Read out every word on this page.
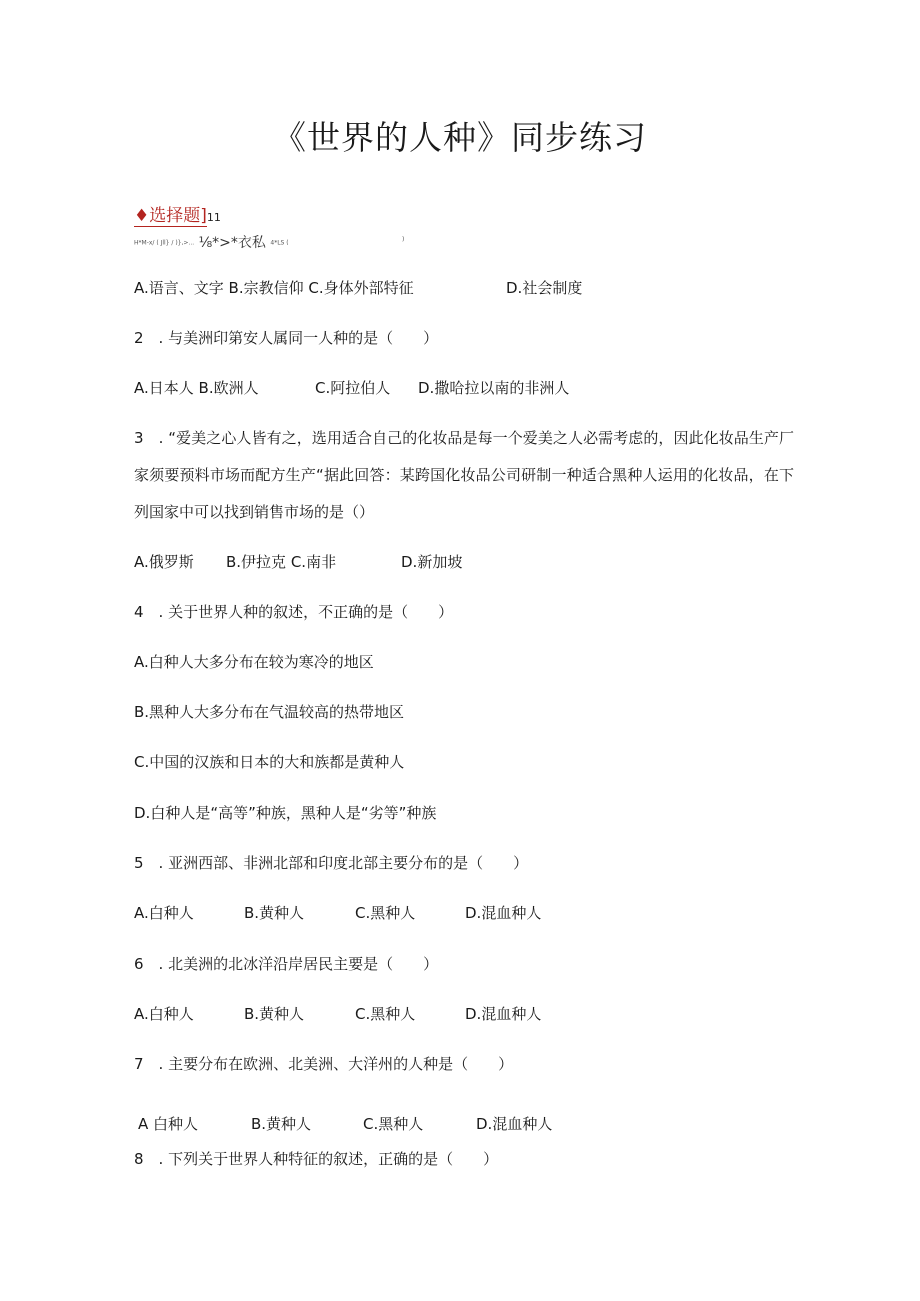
《世界的人种》同步练习
♦选择题]11
H*M-x/ ( Jll} / )},>... ⅛*>*衣私 4*LS (	)
A.语言、文字 B.宗教信仰 C.身体外部特征	D.社会制度
2　. 与美洲印第安人属同一人种的是（　　）
A.日本人 B.欧洲人	C.阿拉伯人 D.撒哈拉以南的非洲人
3　. “爱美之心人皆有之，选用适合自己的化妆品是每一个爱美之人必需考虑的，因此化妆品生产厂家须要预料市场而配方生产“据此回答：某跨国化妆品公司研制一种适合黑种人运用的化妆品，在下列国家中可以找到销售市场的是（）
A.俄罗斯 B.伊拉克 C.南非	D.新加坡
4　. 关于世界人种的叙述，不正确的是（　　）
A.白种人大多分布在较为寒冷的地区
B.黑种人大多分布在气温较高的热带地区
C.中国的汉族和日本的大和族都是黄种人
D.白种人是“高等”种族，黑种人是“劣等”种族
5　. 亚洲西部、非洲北部和印度北部主要分布的是（　　）
A.白种人	B.黄种人	C.黑种人	D.混血种人
6　. 北美洲的北冰洋沿岸居民主要是（　　）
A.白种人	B.黄种人	C.黑种人	D.混血种人
7　. 主要分布在欧洲、北美洲、大洋州的人种是（　　）
A 白种人	B.黄种人	C.黑种人	D.混血种人
8　. 下列关于世界人种特征的叙述，正确的是（　　）
